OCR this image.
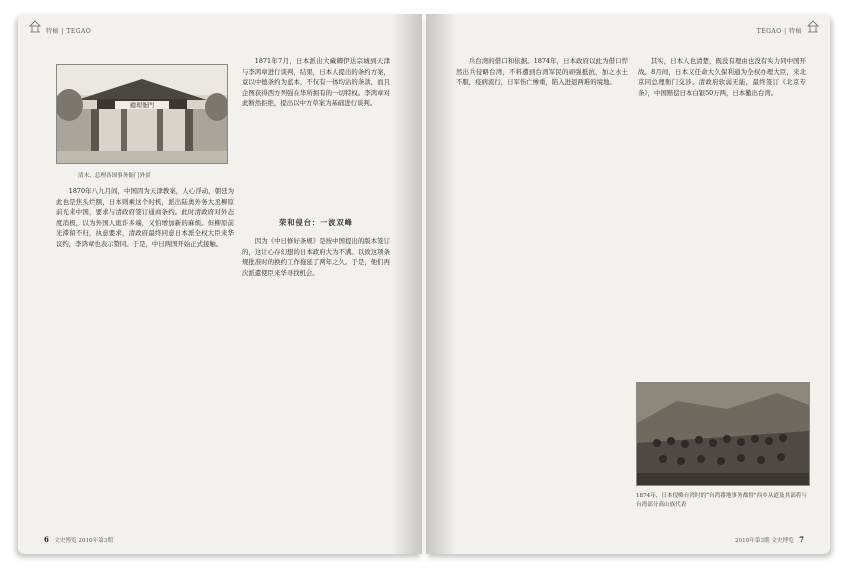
特稿 | TEGAO
總理衙門
清末，总理各国事务衙门外景

1870年八九月间，中国因为天津教案，人心浮动，朝廷为此也是焦头烂额，日本则乘这个时机，派出陆奥外务大丞柳原前光来中国，要求与清政府签订通商条约。此时清政府对外态度消极，以为外国人诡诈多端，又怕增加新的麻烦。但柳原前光滞留不归，执意要求，清政府最终同意日本派全权大臣来华议约，李鸿章也表示赞同。于是，中日两国开始正式接触。

1871年7月，日本派出大藏卿伊达宗城到天津与李鸿章进行谈判，结果，日本人提出的条约方案，竟以中德条约为蓝本，不仅有一体均沾的条款，而且企图获得西方列强在华所拥有的一切特权。李鸿章对此断然拒绝，提出以中方草案为基础进行谈判。

荣和侵台：一波双峰

因为《中日修好条规》是按中国提出的版本签订的，这让心存幻想的日本政府大为不满。以致这项条规批准时的换约工作拖延了两年之久。于是，他们再次派遣使臣来华寻找机会。

6 文史博览 2010年第3期
TEGAO | 特稿

兵台湾的借口和依据。1874年，日本政府以此为借口悍然出兵侵略台湾，不料遭到台湾军民的顽强抵抗，加之水土不服，疫病流行，日军伤亡惨重，陷入进退两难的境地。

其实，日本人也清楚，既没有理由也没有实力同中国开战。8月间，日本又任命大久保利通为全权办理大臣，来北京同总理衙门交涉。清政府软弱无能，最终签订《北京专条》，中国赔偿日本白银50万两，日本撤出台湾。

1874年，日本侵略台湾时的“台湾番地事务都督”西乡从道及其部将与台湾部分高山族代表
2010年第3期 文史博览 7
